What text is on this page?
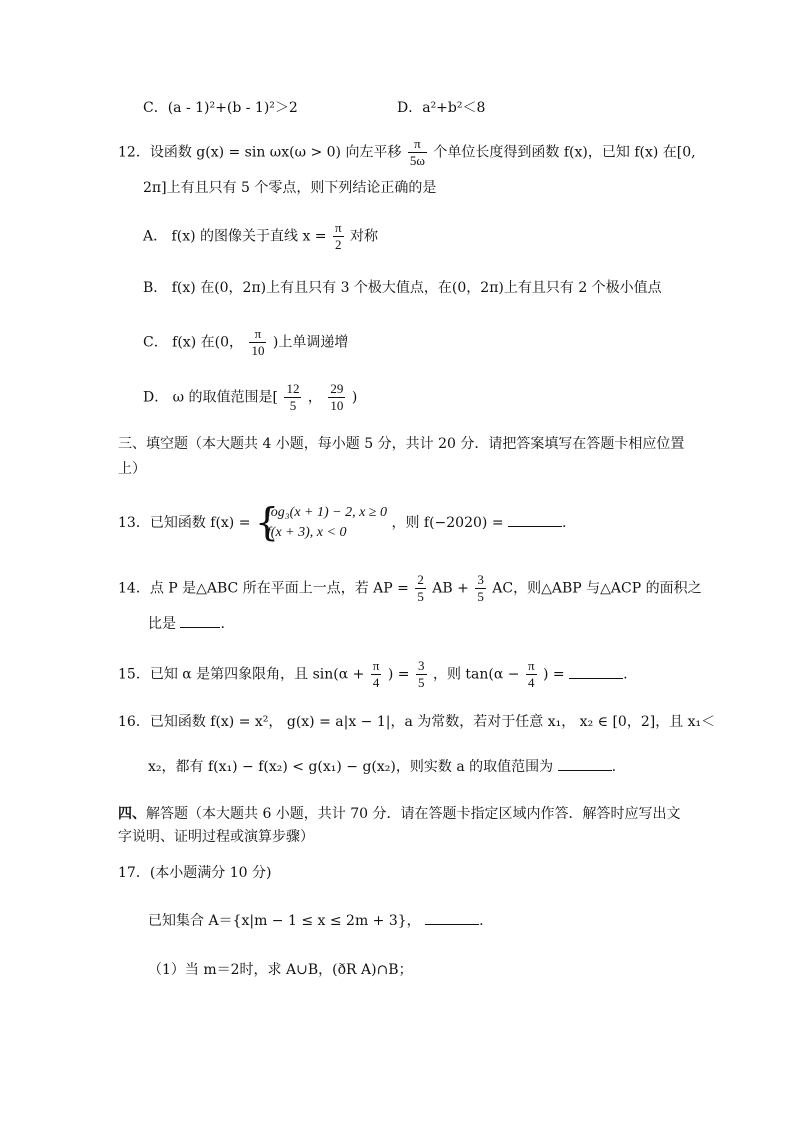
C．(a - 1)²+(b - 1)²＞2	D．a²+b²＜8
12．设函数 g(x) = sin ωx(ω > 0) 向左平移 $\frac{\pi}{5\omega}$ 个单位长度得到函数 f(x)，已知 f(x) 在[0,
2π]上有且只有 5 个零点，则下列结论正确的是
A． f(x) 的图像关于直线 $x = \frac{\pi}{2}$ 对称
B． f(x) 在(0，2π)上有且只有 3 个极大值点，在(0，2π)上有且只有 2 个极小值点
C． f(x) 在(0， $\frac{\pi}{10}$ )上单调递增
D． ω 的取值范围是[ $\frac{12}{5}$ ， $\frac{29}{10}$ )
三、填空题（本大题共 4 小题，每小题 5 分，共计 20 分．请把答案填写在答题卡相应位置
上）
13．已知函数 f(x) = {
log₃(x + 1) − 2, x ≥ 0
f(x + 3), x < 0
，则 f(−2020) =	.
14．点 P 是△ABC 所在平面上一点，若 AP = $\frac{2}{5}$ AB + $\frac{3}{5}$ AC，则△ABP 与△ACP 的面积之
比是	.
15．已知 α 是第四象限角，且 $\sin(\alpha + \frac{\pi}{4}$ ) = $\frac{3}{5}$ ，则 $\tan(\alpha - \frac{\pi}{4}$ ) =	.
16．已知函数 f(x) = x²， g(x) = a|x − 1|，a 为常数，若对于任意 x₁， x₂ ∈ [0，2]，且 x₁＜
x₂，都有 f(x₁) − f(x₂) < g(x₁) − g(x₂)，则实数 a 的取值范围为	.
四、解答题（本大题共 6 小题，共计 70 分．请在答题卡指定区域内作答．解答时应写出文
字说明、证明过程或演算步骤）
17．(本小题满分 10 分)
已知集合 A＝{x|m − 1 ≤ x ≤ 2m + 3}，	.
（1）当 m＝2时，求 A∪B，(ðR A)∩B；
